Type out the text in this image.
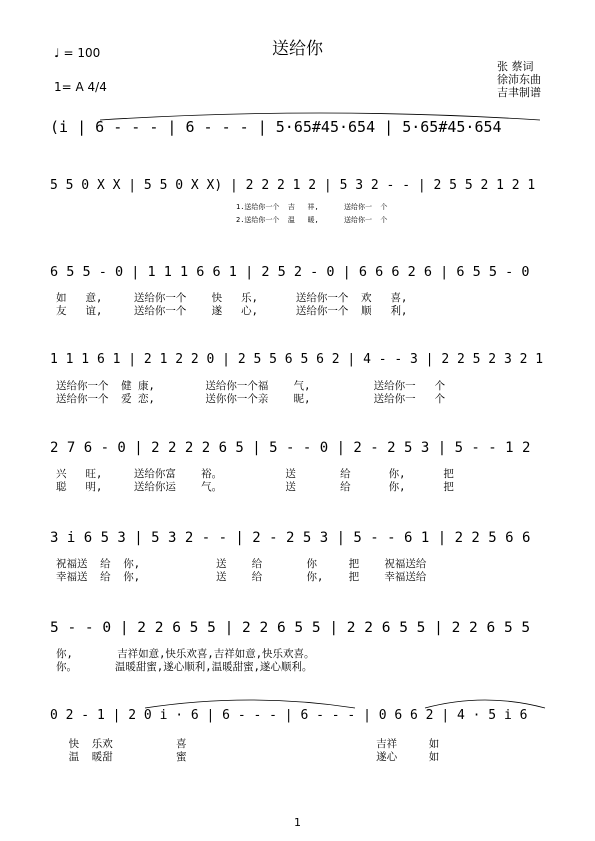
送给你
♩ = 100
1= A 4/4
张 蔡词
徐沛东曲
吉聿制谱
(i | 6 - - - | 6 - - - | 5·65#45·654 | 5·65#45·654
5 5 0 X X | 5 5 0 X X) | 2 2 2 1 2 | 5 3 2 - - | 2 5 5 2 1 2 1
1.送给你一个  吉   祥,      送给你一  个
2.送给你一个  温   暖,      送给你一  个
6 5 5 - 0 | 1 1 1 6 6 1 | 2 5 2 - 0 | 6 6 6 2 6 | 6 5 5 - 0
如   意,     送给你一个    快   乐,      送给你一个  欢   喜,
友   谊,     送给你一个    遂   心,      送给你一个  顺   利,
1 1 1 6 1 | 2 1 2 2 0 | 2 5 5 6 5 6 2 | 4 - - 3 | 2 2 5 2 3 2 1
送给你一个  健 康,        送给你一个福    气,          送给你一   个
送给你一个  爱 恋,        送你你一个亲    昵,          送给你一   个
2 7 6 - 0 | 2 2 2 2 6 5 | 5 - - 0 | 2 - 2 5 3 | 5 - - 1 2
兴   旺,     送给你富    裕。          送       给      你,      把
聪   明,     送给你运    气。          送       给      你,      把
3 i 6 5 3 | 5 3 2 - - | 2 - 2 5 3 | 5 - - 6 1 | 2 2 5 6 6
祝福送  给  你,            送    给       你     把    祝福送给
幸福送  给  你,            送    给       你,    把    幸福送给
5 - - 0 | 2 2 6 5 5 | 2 2 6 5 5 | 2 2 6 5 5 | 2 2 6 5 5
你,       吉祥如意,快乐欢喜,吉祥如意,快乐欢喜。
你。      温暖甜蜜,遂心顺利,温暖甜蜜,遂心顺利。
0 2 - 1 | 2 0 i · 6 | 6 - - - | 6 - - - | 0 6 6 2 | 4 · 5 i 6
快  乐欢          喜                              吉祥     如
温  暖甜          蜜                              遂心     如
1
